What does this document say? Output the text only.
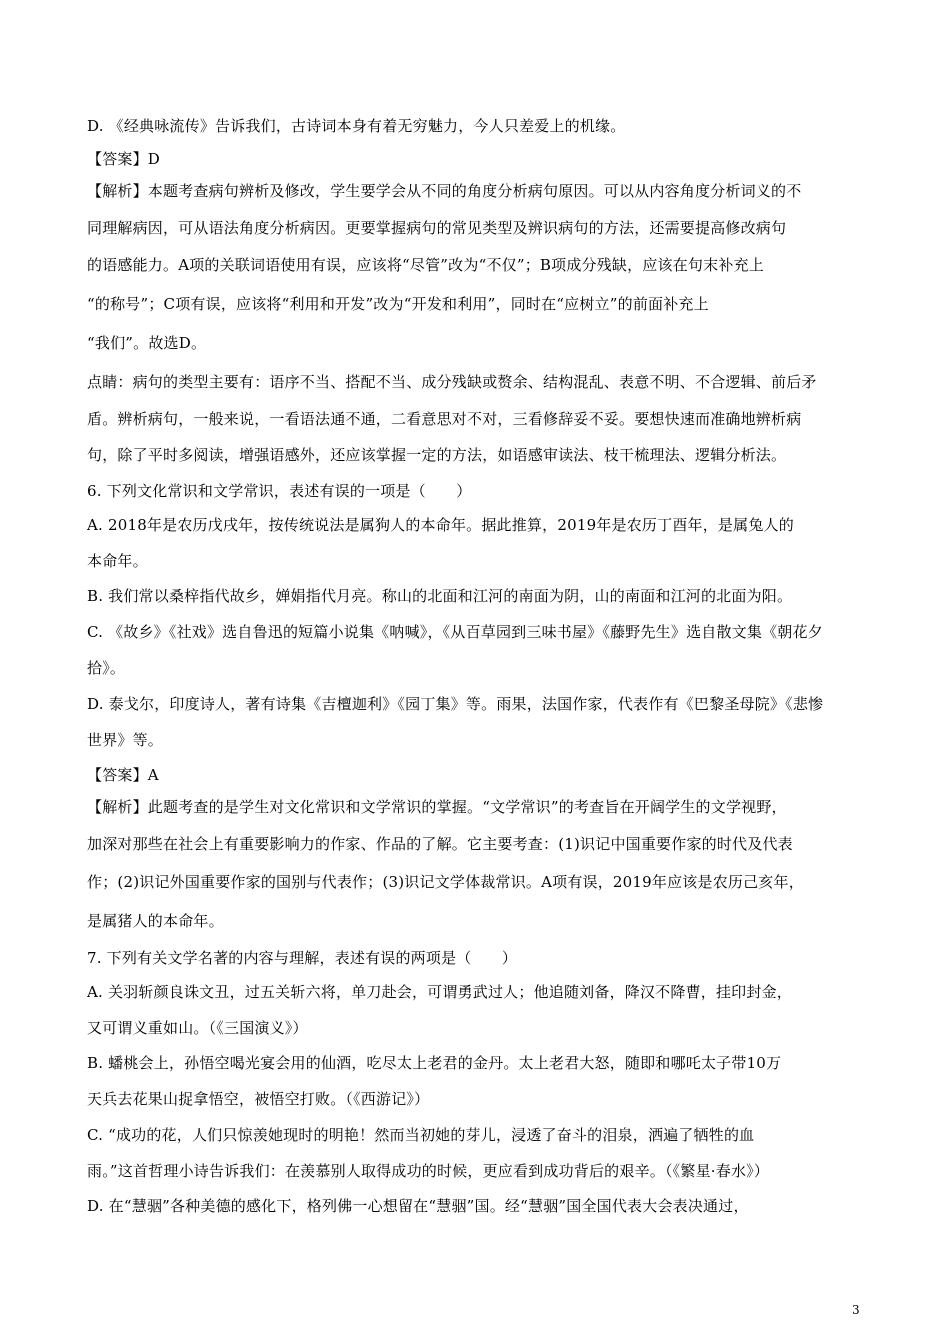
D. 《经典咏流传》告诉我们，古诗词本身有着无穷魅力，今人只差爱上的机缘。
【答案】D
【解析】本题考查病句辨析及修改，学生要学会从不同的角度分析病句原因。可以从内容角度分析词义的不
同理解病因，可从语法角度分析病因。更要掌握病句的常见类型及辨识病句的方法，还需要提高修改病句
的语感能力。A项的关联词语使用有误，应该将“尽管”改为“不仅”；B项成分残缺，应该在句末补充上
“的称号”；C项有误，应该将“利用和开发”改为“开发和利用”，同时在“应树立”的前面补充上
“我们”。故选D。
点睛：病句的类型主要有：语序不当、搭配不当、成分残缺或赘余、结构混乱、表意不明、不合逻辑、前后矛
盾。辨析病句，一般来说，一看语法通不通，二看意思对不对，三看修辞妥不妥。要想快速而准确地辨析病
句，除了平时多阅读，增强语感外，还应该掌握一定的方法，如语感审读法、枝干梳理法、逻辑分析法。
6. 下列文化常识和文学常识，表述有误的一项是（　　）
A. 2018年是农历戊戌年，按传统说法是属狗人的本命年。据此推算，2019年是农历丁酉年，是属兔人的
本命年。
B. 我们常以桑梓指代故乡，婵娟指代月亮。称山的北面和江河的南面为阴，山的南面和江河的北面为阳。
C. 《故乡》《社戏》选自鲁迅的短篇小说集《呐喊》，《从百草园到三味书屋》《藤野先生》选自散文集《朝花夕
拾》。
D. 泰戈尔，印度诗人，著有诗集《吉檀迦利》《园丁集》等。雨果，法国作家，代表作有《巴黎圣母院》《悲惨
世界》等。
【答案】A
【解析】此题考查的是学生对文化常识和文学常识的掌握。“文学常识”的考查旨在开阔学生的文学视野，
加深对那些在社会上有重要影响力的作家、作品的了解。它主要考查：(1)识记中国重要作家的时代及代表
作；(2)识记外国重要作家的国别与代表作；(3)识记文学体裁常识。A项有误，2019年应该是农历己亥年，
是属猪人的本命年。
7. 下列有关文学名著的内容与理解，表述有误的两项是（　　）
A. 关羽斩颜良诛文丑，过五关斩六将，单刀赴会，可谓勇武过人；他追随刘备，降汉不降曹，挂印封金，
又可谓义重如山。（《三国演义》）
B. 蟠桃会上，孙悟空喝光宴会用的仙酒，吃尽太上老君的金丹。太上老君大怒，随即和哪吒太子带10万
天兵去花果山捉拿悟空，被悟空打败。（《西游记》）
C. “成功的花，人们只惊羡她现时的明艳！然而当初她的芽儿，浸透了奋斗的泪泉，洒遍了牺牲的血
雨。”这首哲理小诗告诉我们：在羡慕别人取得成功的时候，更应看到成功背后的艰辛。（《繁星·春水》）
D. 在“慧骃”各种美德的感化下，格列佛一心想留在“慧骃”国。经“慧骃”国全国代表大会表决通过，
3
